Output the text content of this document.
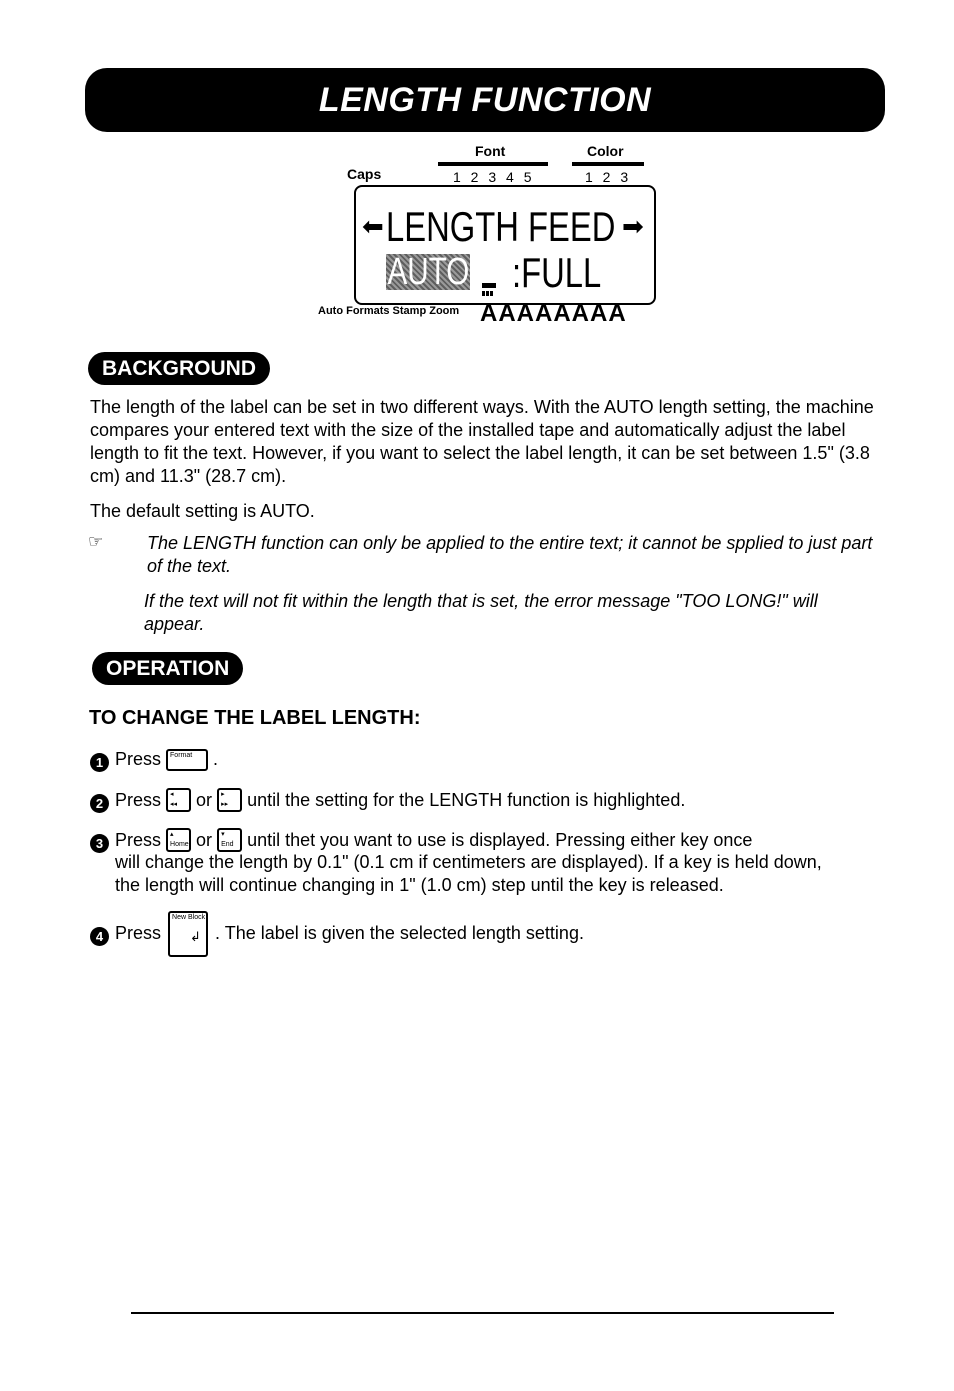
LENGTH FUNCTION
Font
1 2 3 4 5
Color
1 2 3
Caps
⬅ LENGTH FEED ➡
AUTO :FULL
Auto Formats Stamp Zoom AAAAAAAA
BACKGROUND
The length of the label can be set in two different ways. With the AUTO length setting, the machine compares your entered text with the size of the installed tape and automatically adjust the label length to fit the text. However, if you want to select the label length, it can be set between 1.5" (3.8 cm) and 11.3" (28.7 cm).
The default setting is AUTO.
☞ The LENGTH function can only be applied to the entire text; it cannot be spplied to just part of the text.
If the text will not fit within the length that is set, the error message "TOO LONG!" will appear.
OPERATION
TO CHANGE THE LABEL LENGTH:
1 Press Format .
2 Press ◂
◂◂ or ▸
▸▸ until the setting for the LENGTH function is highlighted.
3 Press ▴
Home or ▾
End until thet you want to use is displayed. Pressing either key once
will change the length by 0.1" (0.1 cm if centimeters are displayed). If a key is held down,
the length will continue changing in 1" (1.0 cm) step until the key is released.
4 Press
New Block
↲ . The label is given the selected length setting.
